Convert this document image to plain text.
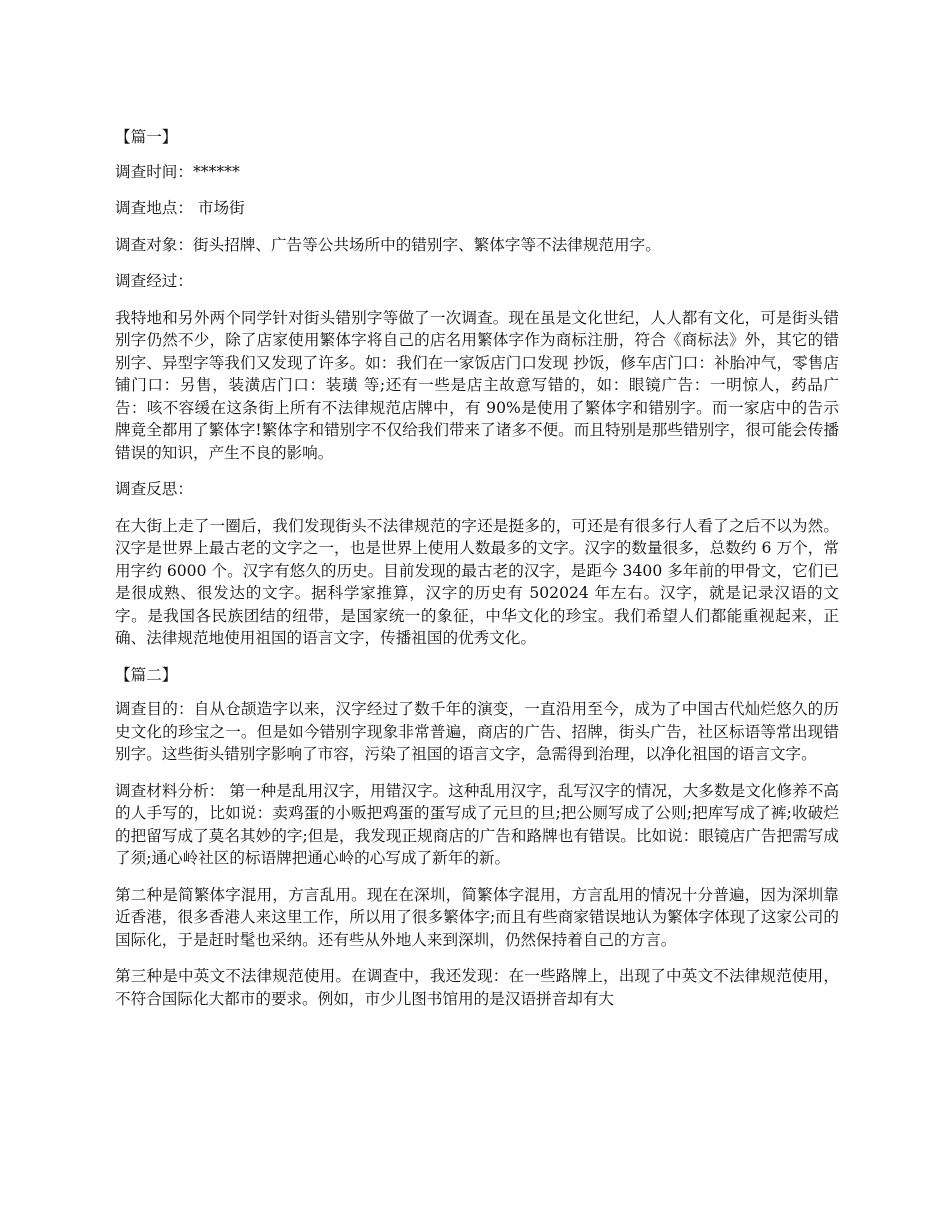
【篇一】

调查时间：******

调查地点： 市场街

调查对象：街头招牌、广告等公共场所中的错别字、繁体字等不法律规范用字。

调查经过：

我特地和另外两个同学针对街头错别字等做了一次调查。现在虽是文化世纪，人人都有文化，可是街头错别字仍然不少，除了店家使用繁体字将自己的店名用繁体字作为商标注册，符合《商标法》外，其它的错别字、异型字等我们又发现了许多。如：我们在一家饭店门口发现 抄饭，修车店门口：补胎冲气，零售店铺门口：另售，装潢店门口：装璜 等;还有一些是店主故意写错的，如：眼镜广告：一明惊人，药品广告：咳不容缓在这条街上所有不法律规范店牌中，有 90%是使用了繁体字和错别字。而一家店中的告示牌竟全都用了繁体字!繁体字和错别字不仅给我们带来了诸多不便。而且特别是那些错别字，很可能会传播错误的知识，产生不良的影响。

调查反思：

在大街上走了一圈后，我们发现街头不法律规范的字还是挺多的，可还是有很多行人看了之后不以为然。汉字是世界上最古老的文字之一，也是世界上使用人数最多的文字。汉字的数量很多，总数约 6 万个，常用字约 6000 个。汉字有悠久的历史。目前发现的最古老的汉字，是距今 3400 多年前的甲骨文，它们已是很成熟、很发达的文字。据科学家推算，汉字的历史有 502024 年左右。汉字，就是记录汉语的文字。是我国各民族团结的纽带，是国家统一的象征，中华文化的珍宝。我们希望人们都能重视起来，正确、法律规范地使用祖国的语言文字，传播祖国的优秀文化。

【篇二】

调查目的：自从仓颉造字以来，汉字经过了数千年的演变，一直沿用至今，成为了中国古代灿烂悠久的历史文化的珍宝之一。但是如今错别字现象非常普遍，商店的广告、招牌，街头广告，社区标语等常出现错别字。这些街头错别字影响了市容，污染了祖国的语言文字，急需得到治理，以净化祖国的语言文字。

调查材料分析： 第一种是乱用汉字，用错汉字。这种乱用汉字，乱写汉字的情况，大多数是文化修养不高的人手写的，比如说：卖鸡蛋的小贩把鸡蛋的蛋写成了元旦的旦;把公厕写成了公则;把库写成了裤;收破烂的把留写成了莫名其妙的字;但是，我发现正规商店的广告和路牌也有错误。比如说：眼镜店广告把需写成了须;通心岭社区的标语牌把通心岭的心写成了新年的新。

第二种是简繁体字混用，方言乱用。现在在深圳，简繁体字混用，方言乱用的情况十分普遍，因为深圳靠近香港，很多香港人来这里工作，所以用了很多繁体字;而且有些商家错误地认为繁体字体现了这家公司的国际化，于是赶时髦也采纳。还有些从外地人来到深圳，仍然保持着自己的方言。

第三种是中英文不法律规范使用。在调查中，我还发现：在一些路牌上，出现了中英文不法律规范使用，不符合国际化大都市的要求。例如，市少儿图书馆用的是汉语拼音却有大
